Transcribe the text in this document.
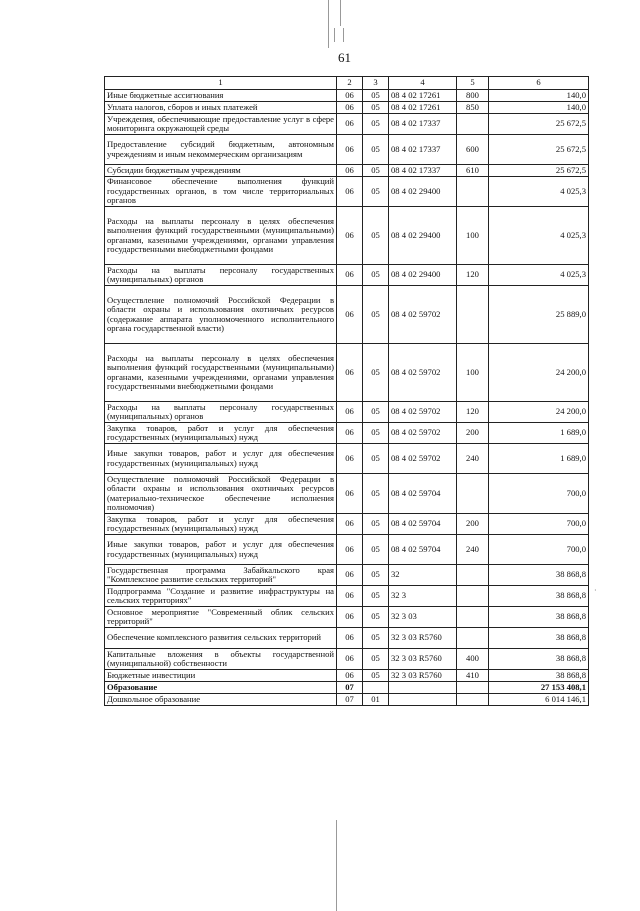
61
1	2	3	4	5	6
Иные бюджетные ассигнования	06	05	08 4 02 17261	800	140,0
Уплата налогов, сборов и иных платежей	06	05	08 4 02 17261	850	140,0
Учреждения, обеспечивающие предоставление услуг в сфере мониторинга окружающей среды	06	05	08 4 02 17337		25 672,5
Предоставление субсидий бюджетным, автономным учреждениям и иным некоммерческим организациям	06	05	08 4 02 17337	600	25 672,5
Субсидии бюджетным учреждениям	06	05	08 4 02 17337	610	25 672,5
Финансовое обеспечение выполнения функций государственных органов, в том числе территориальных органов	06	05	08 4 02 29400		4 025,3
Расходы на выплаты персоналу в целях обеспечения выполнения функций государственными (муниципальными) органами, казенными учреждениями, органами управления государственными внебюджетными фондами	06	05	08 4 02 29400	100	4 025,3
Расходы на выплаты персоналу государственных (муниципальных) органов	06	05	08 4 02 29400	120	4 025,3
Осуществление полномочий Российской Федерации в области охраны и использования охотничьих ресурсов (содержание аппарата уполномоченного исполнительного органа государственной власти)	06	05	08 4 02 59702		25 889,0
Расходы на выплаты персоналу в целях обеспечения выполнения функций государственными (муниципальными) органами, казенными учреждениями, органами управления государственными внебюджетными фондами	06	05	08 4 02 59702	100	24 200,0
Расходы на выплаты персоналу государственных (муниципальных) органов	06	05	08 4 02 59702	120	24 200,0
Закупка товаров, работ и услуг для обеспечения государственных (муниципальных) нужд	06	05	08 4 02 59702	200	1 689,0
Иные закупки товаров, работ и услуг для обеспечения государственных (муниципальных) нужд	06	05	08 4 02 59702	240	1 689,0
Осуществление полномочий Российской Федерации в области охраны и использования охотничьих ресурсов (материально-техническое обеспечение исполнения полномочия)	06	05	08 4 02 59704		700,0
Закупка товаров, работ и услуг для обеспечения государственных (муниципальных) нужд	06	05	08 4 02 59704	200	700,0
Иные закупки товаров, работ и услуг для обеспечения государственных (муниципальных) нужд	06	05	08 4 02 59704	240	700,0
Государственная программа Забайкальского края "Комплексное развитие сельских территорий"	06	05	32		38 868,8
Подпрограмма "Создание и развитие инфраструктуры на сельских территориях"	06	05	32 3		38 868,8
Основное мероприятие "Современный облик сельских территорий"	06	05	32 3 03		38 868,8
Обеспечение комплексного развития сельских территорий	06	05	32 3 03 R5760		38 868,8
Капитальные вложения в объекты государственной (муниципальной) собственности	06	05	32 3 03 R5760	400	38 868,8
Бюджетные инвестиции	06	05	32 3 03 R5760	410	38 868,8
Образование	07				27 153 408,1
Дошкольное образование	07	01			6 014 146,1
·
